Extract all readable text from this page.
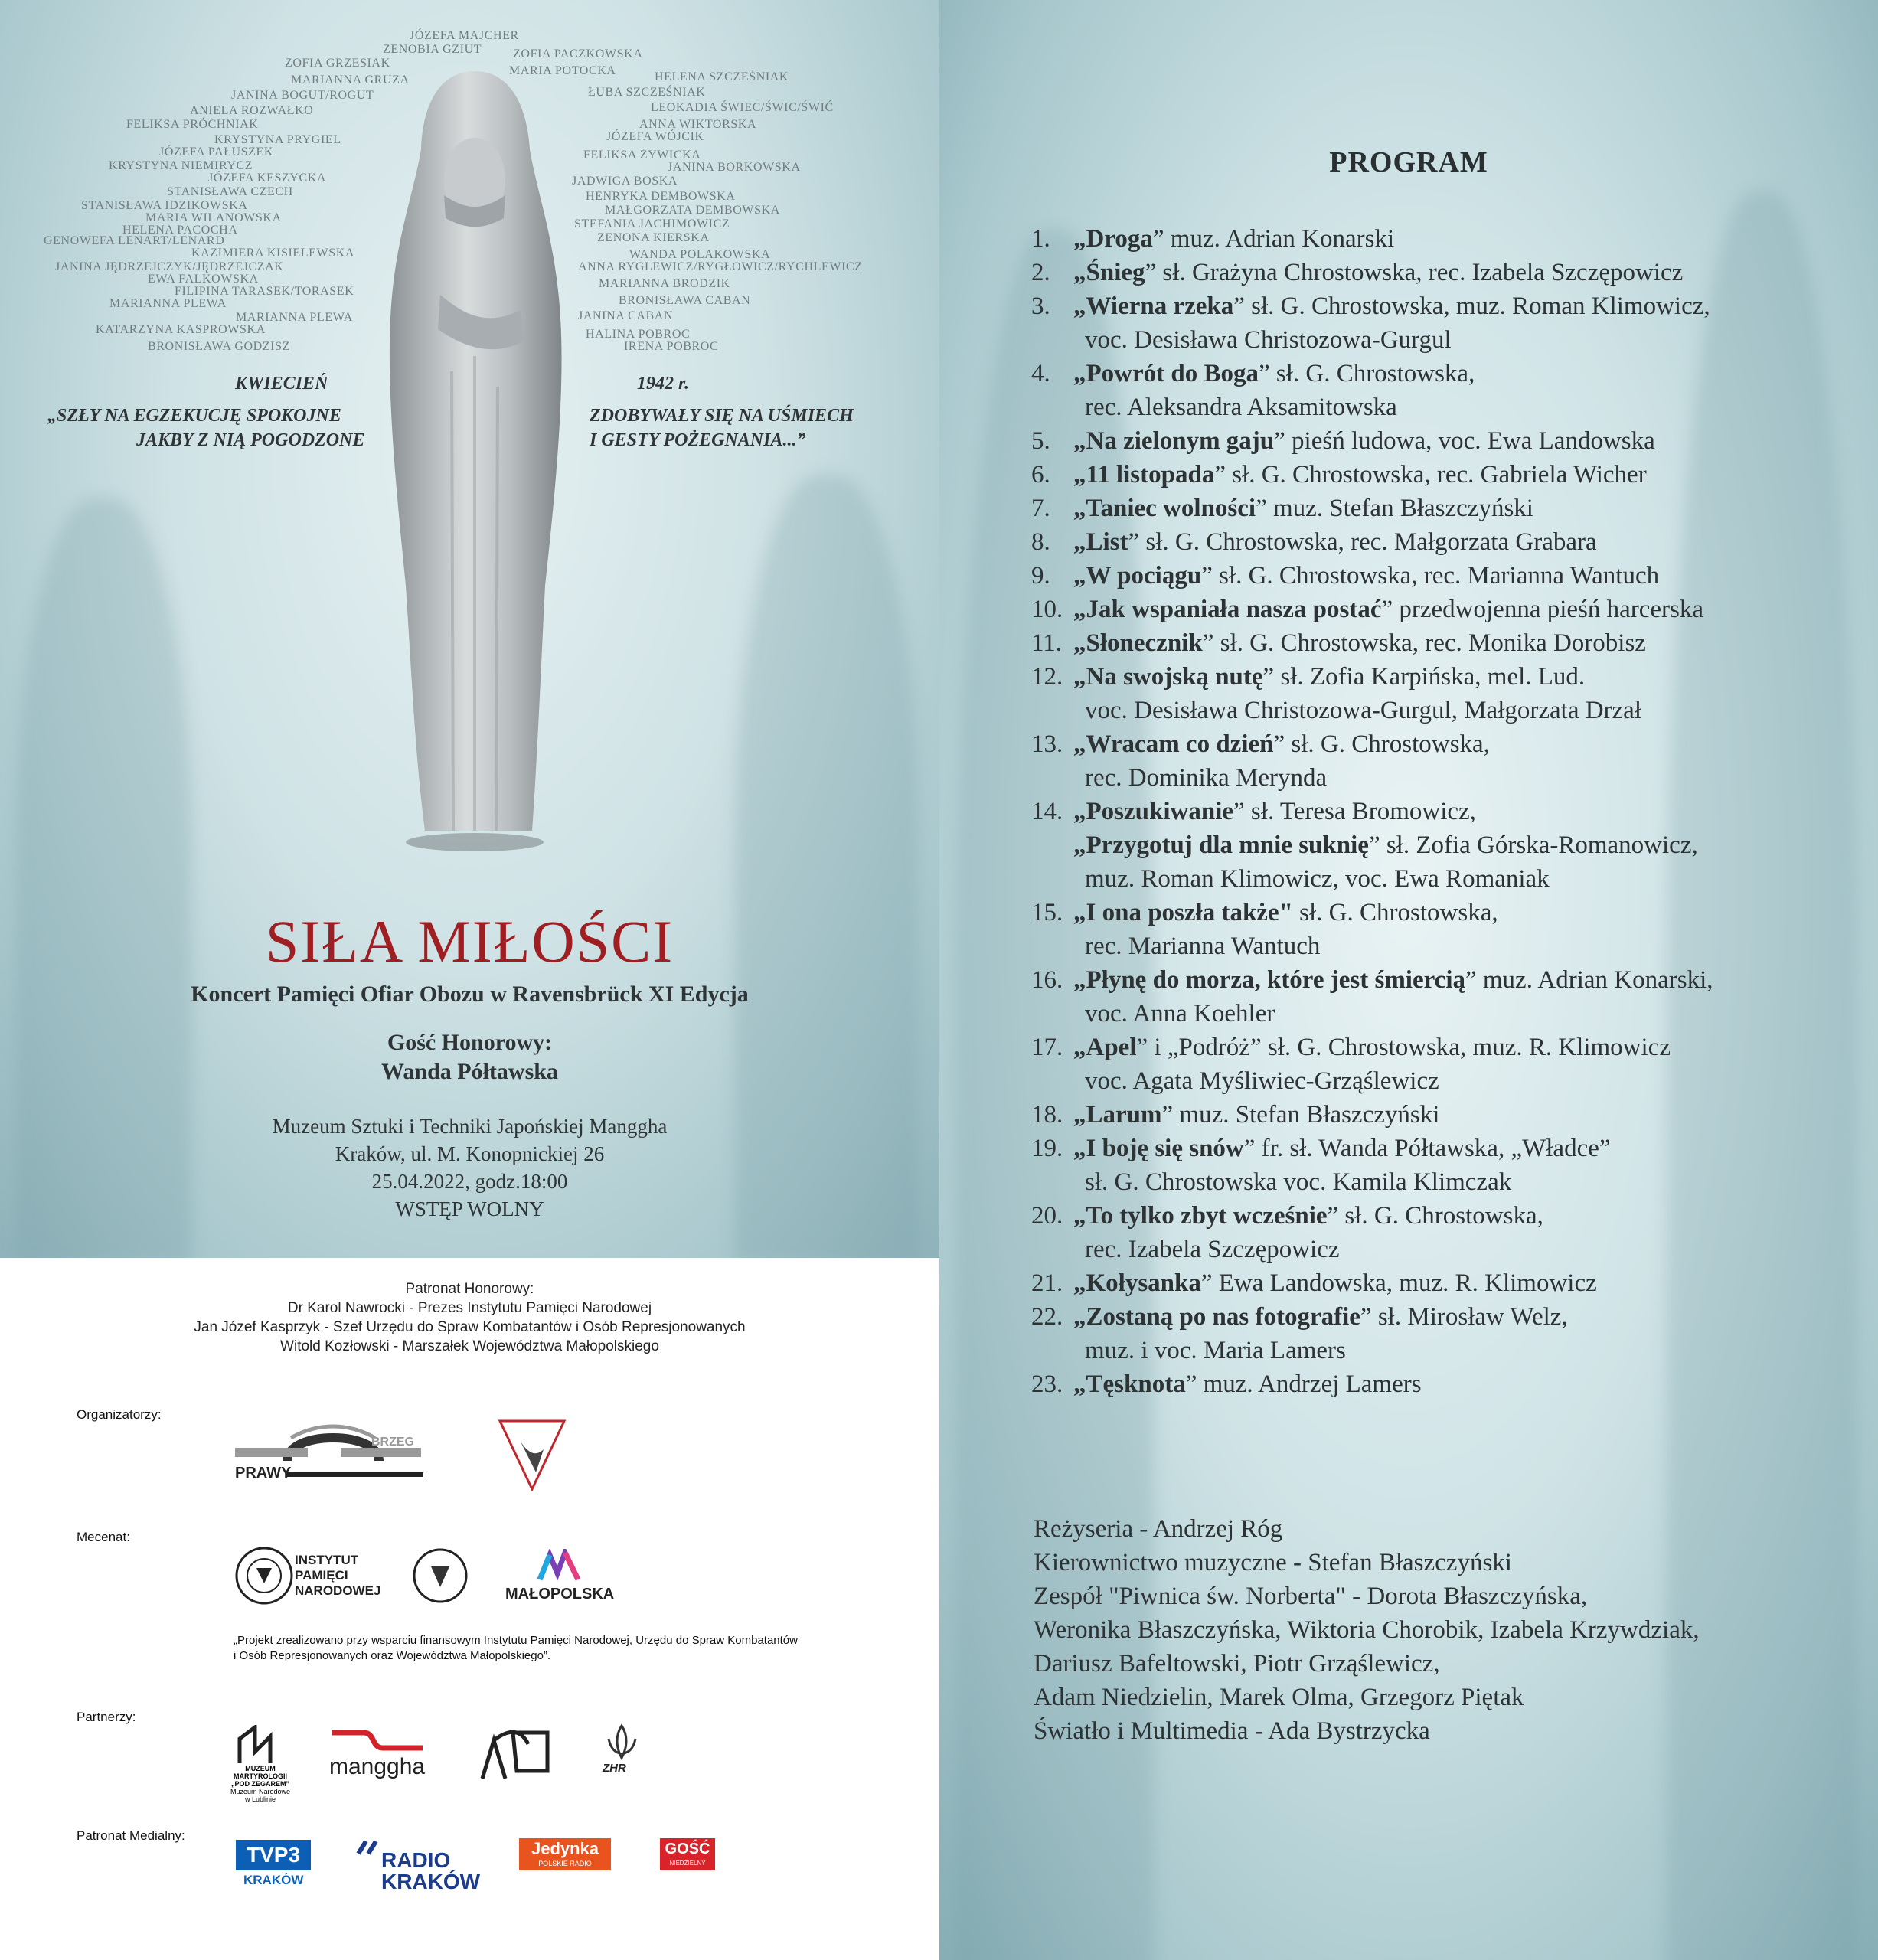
JÓZEFA MAJCHER
ZENOBIA GZIUT	ZOFIA PACZKOWSKA
ZOFIA GRZESIAK
MARIA POTOCKA
MARIANNA GRUZA	HELENA SZCZEŚNIAK
ŁUBA SZCZEŚNIAK
JANINA BOGUT/ROGUT
ANIELA ROZWAŁKO	LEOKADIA ŚWIEC/ŚWIC/ŚWIĆ
FELIKSA PRÓCHNIAK	ANNA WIKTORSKA
KRYSTYNA PRYGIEL	JÓZEFA WÓJCIK
JÓZEFA PAŁUSZEK	FELIKSA ŻYWICKA
KRYSTYNA NIEMIRYCZ	JANINA BORKOWSKA
JÓZEFA KESZYCKA	JADWIGA BOSKA
STANISŁAWA CZECH	HENRYKA DEMBOWSKA
STANISŁAWA IDZIKOWSKA	MAŁGORZATA DEMBOWSKA
MARIA WILANOWSKA	STEFANIA JACHIMOWICZ
HELENA PACOCHA
ZENONA KIERSKA
GENOWEFA LENART/LENARD
WANDA POLAKOWSKA
KAZIMIERA KISIELEWSKA
JANINA JĘDRZEJCZYK/JĘDRZEJCZAK	ANNA RYGLEWICZ/RYGŁOWICZ/RYCHLEWICZ
EWA FALKOWSKA	MARIANNA BRODZIK
FILIPINA TARASEK/TORASEK
BRONISŁAWA CABAN
MARIANNA PLEWA
JANINA CABAN
MARIANNA PLEWA
KATARZYNA KASPROWSKA	HALINA POBROC
BRONISŁAWA GODZISZ	IRENA POBROC
KWIECIEŃ	1942 r.
„SZŁY NA EGZEKUCJĘ SPOKOJNE
JAKBY Z NIĄ POGODZONE
ZDOBYWAŁY SIĘ NA UŚMIECH
I GESTY POŻEGNANIA...”
SIŁA MIŁOŚCI
Koncert Pamięci Ofiar Obozu w Ravensbrück XI Edycja
Gość Honorowy:
Wanda Półtawska
Muzeum Sztuki i Techniki Japońskiej Manggha
Kraków, ul. M. Konopnickiej 26
25.04.2022, godz.18:00
WSTĘP WOLNY
Patronat Honorowy:
Dr Karol Nawrocki - Prezes Instytutu Pamięci Narodowej
Jan Józef Kasprzyk - Szef Urzędu do Spraw Kombatantów i Osób Represjonowanych
Witold Kozłowski - Marszałek Województwa Małopolskiego
Organizatorzy:
PRAWY
BRZEG
Mecenat:
INSTYTUT
PAMIĘCI
NARODOWEJ	MAŁOPOLSKA
„Projekt zrealizowano przy wsparciu finansowym Instytutu Pamięci Narodowej, Urzędu do Spraw Kombatantów
i Osób Represjonowanych oraz Województwa Małopolskiego”.
Partnerzy:
MUZEUM
MARTYROLOGII
„POD ZEGAREM”
Muzeum Narodowe w Lublinie
manggha	ZHR
Patronat Medialny:
TVP3
KRAKÓW
RADIO
KRAKÓW
Jedynka
POLSKIE RADIO
GOŚĆ
NIEDZIELNY
PROGRAM
1. „Droga” muz. Adrian Konarski
2. „Śnieg” sł. Grażyna Chrostowska, rec. Izabela Szczępowicz
3. „Wierna rzeka” sł. G. Chrostowska, muz. Roman Klimowicz,
voc. Desisława Christozowa-Gurgul
4. „Powrót do Boga” sł. G. Chrostowska,
rec. Aleksandra Aksamitowska
5. „Na zielonym gaju” pieśń ludowa, voc. Ewa Landowska
6. „11 listopada” sł. G. Chrostowska, rec. Gabriela Wicher
7. „Taniec wolności” muz. Stefan Błaszczyński
8. „List” sł. G. Chrostowska, rec. Małgorzata Grabara
9. „W pociągu” sł. G. Chrostowska, rec. Marianna Wantuch
10. „Jak wspaniała nasza postać” przedwojenna pieśń harcerska
11. „Słonecznik” sł. G. Chrostowska, rec. Monika Dorobisz
12. „Na swojską nutę” sł. Zofia Karpińska, mel. Lud.
voc. Desisława Christozowa-Gurgul, Małgorzata Drzał
13. „Wracam co dzień” sł. G. Chrostowska,
rec. Dominika Merynda
14. „Poszukiwanie” sł. Teresa Bromowicz,
„Przygotuj dla mnie suknię” sł. Zofia Górska-Romanowicz,
muz. Roman Klimowicz, voc. Ewa Romaniak
15. „I ona poszła także" sł. G. Chrostowska,
rec. Marianna Wantuch
16. „Płynę do morza, które jest śmiercią” muz. Adrian Konarski,
voc. Anna Koehler
17. „Apel” i „Podróż” sł. G. Chrostowska, muz. R. Klimowicz
voc. Agata Myśliwiec-Grząślewicz
18. „Larum” muz. Stefan Błaszczyński
19. „I boję się snów” fr. sł. Wanda Półtawska, „Władce”
sł. G. Chrostowska voc. Kamila Klimczak
20. „To tylko zbyt wcześnie” sł. G. Chrostowska,
rec. Izabela Szczępowicz
21. „Kołysanka” Ewa Landowska, muz. R. Klimowicz
22. „Zostaną po nas fotografie” sł. Mirosław Welz,
muz. i voc. Maria Lamers
23. „Tęsknota” muz. Andrzej Lamers
Reżyseria - Andrzej Róg
Kierownictwo muzyczne - Stefan Błaszczyński
Zespół "Piwnica św. Norberta" - Dorota Błaszczyńska,
Weronika Błaszczyńska, Wiktoria Chorobik, Izabela Krzywdziak,
Dariusz Bafeltowski, Piotr Grząślewicz,
Adam Niedzielin, Marek Olma, Grzegorz Piętak
Światło i Multimedia - Ada Bystrzycka
